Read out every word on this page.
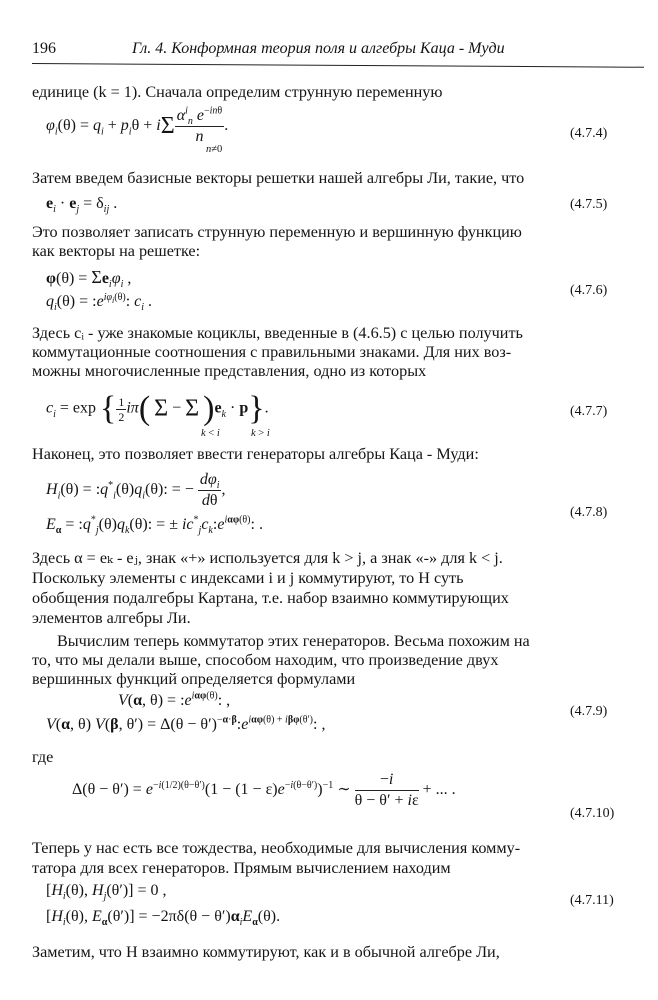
196	Гл. 4. Конформная теория поля и алгебры Каца - Муди
единице (k = 1). Сначала определим струнную переменную
$\varphi_i(\theta) = q_i + p_i\theta + i\Sigma \frac{\alpha^i_n e^{-in\theta}}{n}$ .
n≠0
(4.7.4)
Затем введем базисные векторы решетки нашей алгебры Ли, такие, что
$e_i \cdot e_j = \delta_{ij}$ .	(4.7.5)
Это позволяет записать струнную переменную и вершинную функцию
как векторы на решетке:
$\varphi(\theta) = \Sigma e_i\varphi_i$ ,
$q_i(\theta)$ = $:e^{i\varphi_i(\theta)}$: $c_i$ .
(4.7.6)
Здесь cᵢ - уже знакомые коциклы, введенные в (4.6.5) с целью получить
коммутационные соотношения с правильными знаками. Для них воз-
можны многочисленные представления, одно из которых
$c_i = \exp$ { $\frac{1}{2} i\pi$( Σ − Σ )$e_k \cdot p$}.
k < i	k > i
(4.7.7)
Наконец, это позволяет ввести генераторы алгебры Каца - Муди:
$H_i(\theta)$ = $:q^*_i(\theta)q_i(\theta)$: = − $\frac{d\varphi_i}{d\theta}$ ,
$E_\alpha$ = $:q^*_j(\theta)q_k(\theta)$: = ± $ic^*_jc_k:e^{i\alpha\varphi(\theta)}$: .
(4.7.8)
Здесь α = eₖ - eⱼ, знак «+» используется для k > j, а знак «-» для k < j.
Поскольку элементы с индексами i и j коммутируют, то H суть
обобщения подалгебры Картана, т.е. набор взаимно коммутирующих
элементов алгебры Ли.
Вычислим теперь коммутатор этих генераторов. Весьма похожим на
то, что мы делали выше, способом находим, что произведение двух
вершинных функций определяется формулами
V(α, $\theta) = :e^{i\alpha\varphi(\theta)}$: ,
V(α, θ) V(β, $\theta') = \Delta(\theta - \theta')^{-\alpha\cdot\beta}:e^{i\alpha\varphi(\theta) + i\beta\varphi(\theta')}$: ,
(4.7.9)
где
$\Delta(\theta - \theta') = e^{-i(1/2)(\theta-\theta')}(1 - (1 - \varepsilon)e^{-i(\theta-\theta')})^{-1}$ ∼ $\frac{-i}{\theta - \theta' + i\varepsilon}$ + ... .
(4.7.10)
Теперь у нас есть все тождества, необходимые для вычисления комму-
татора для всех генераторов. Прямым вычислением находим
[$H_i(\theta)$, $H_j(\theta')] = 0$ ,
[$H_i(\theta)$, $E_\alpha(\theta')] = -2\pi\delta(\theta - \theta')\alpha_iE_\alpha(\theta)$.
(4.7.11)
Заметим, что H взаимно коммутируют, как и в обычной алгебре Ли,
